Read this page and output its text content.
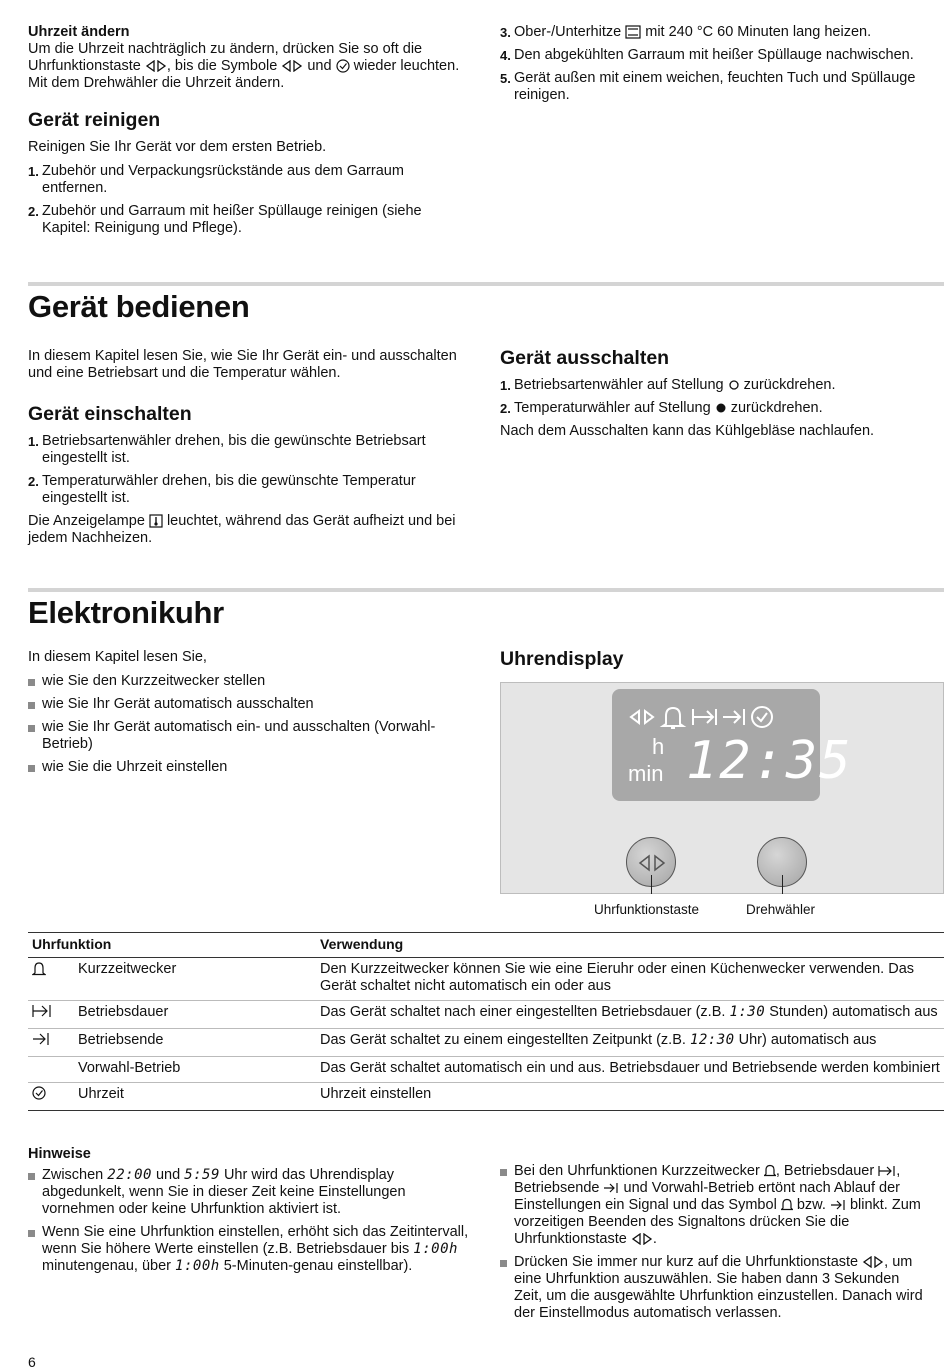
Uhrzeit ändern

Um die Uhrzeit nachträglich zu ändern, drücken Sie so oft die Uhrfunktionstaste , bis die Symbole und wieder leuchten. Mit dem Drehwähler die Uhrzeit ändern.

Gerät reinigen

Reinigen Sie Ihr Gerät vor dem ersten Betrieb.

1. Zubehör und Verpackungsrückstände aus dem Garraum entfernen.
2. Zubehör und Garraum mit heißer Spüllauge reinigen (siehe Kapitel: Reinigung und Pflege).
3. Ober-/Unterhitze mit 240 °C 60 Minuten lang heizen.
4. Den abgekühlten Garraum mit heißer Spüllauge nachwischen.
5. Gerät außen mit einem weichen, feuchten Tuch und Spüllauge reinigen.
Gerät bedienen

In diesem Kapitel lesen Sie, wie Sie Ihr Gerät ein- und ausschalten und eine Betriebsart und die Temperatur wählen.

Gerät einschalten
1. Betriebsartenwähler drehen, bis die gewünschte Betriebsart eingestellt ist.
2. Temperaturwähler drehen, bis die gewünschte Temperatur eingestellt ist.

Die Anzeigelampe leuchtet, während das Gerät aufheizt und bei jedem Nachheizen.

Gerät ausschalten
1. Betriebsartenwähler auf Stellung zurückdrehen.
2. Temperaturwähler auf Stellung zurückdrehen.

Nach dem Ausschalten kann das Kühlgebläse nachlaufen.

Elektronikuhr

In diesem Kapitel lesen Sie,

wie Sie den Kurzzeitwecker stellen
wie Sie Ihr Gerät automatisch ausschalten
wie Sie Ihr Gerät automatisch ein- und ausschalten (Vorwahl-Betrieb)
wie Sie die Uhrzeit einstellen
Uhrendisplay
h
min 12:35
Uhrfunktionstaste	Drehwähler
Uhrfunktion		Verwendung
	Kurzzeitwecker	Den Kurzzeitwecker können Sie wie eine Eieruhr oder einen Küchenwecker verwenden. Das Gerät schaltet nicht automatisch ein oder aus
	Betriebsdauer	Das Gerät schaltet nach einer eingestellten Betriebsdauer (z.B. 1:30 Stunden) automatisch aus
	Betriebsende	Das Gerät schaltet zu einem eingestellten Zeitpunkt (z.B. 12:30 Uhr) automatisch aus
	Vorwahl-Betrieb	Das Gerät schaltet automatisch ein und aus. Betriebsdauer und Betriebsende werden kombiniert
	Uhrzeit	Uhrzeit einstellen

Hinweise

Zwischen 22:00 und 5:59 Uhr wird das Uhrendisplay abgedunkelt, wenn Sie in dieser Zeit keine Einstellungen vornehmen oder keine Uhrfunktion aktiviert ist.
Wenn Sie eine Uhrfunktion einstellen, erhöht sich das Zeitintervall, wenn Sie höhere Werte einstellen (z.B. Betriebsdauer bis 1:00h minutengenau, über 1:00h 5-Minuten-genau einstellbar).
Bei den Uhrfunktionen Kurzzeitwecker , Betriebsdauer , Betriebsende und Vorwahl-Betrieb ertönt nach Ablauf der Einstellungen ein Signal und das Symbol bzw. blinkt. Zum vorzeitigen Beenden des Signaltons drücken Sie die Uhrfunktionstaste .
Drücken Sie immer nur kurz auf die Uhrfunktionstaste , um eine Uhrfunktion auszuwählen. Sie haben dann 3 Sekunden Zeit, um die ausgewählte Uhrfunktion einzustellen. Danach wird der Einstellmodus automatisch verlassen.
6
